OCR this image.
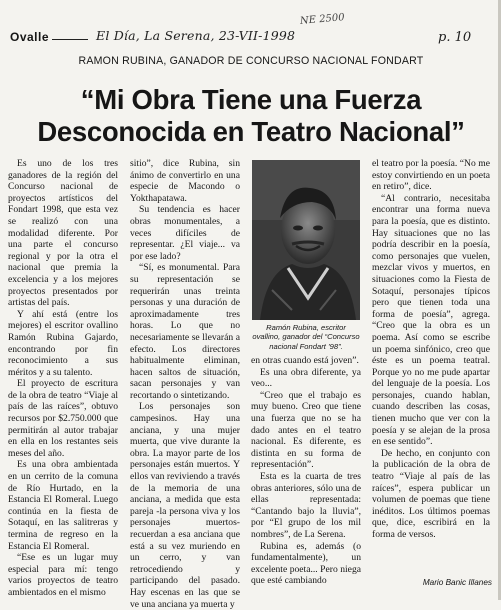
Ovalle	El Día, La Serena, 23-VII-1998	p. 10
NE 2500
RAMON RUBINA, GANADOR DE CONCURSO NACIONAL FONDART
“Mi Obra Tiene una Fuerza
Desconocida en Teatro Nacional”

Es uno de los tres ganadores de la región del Concurso nacional de proyectos artísticos del Fondart 1998, que esta vez se realizó con una modalidad diferente. Por una parte el concurso regional y por la otra el nacional que premia la excelencia y a los mejores proyectos presentados por artistas del país.

Y ahí está (entre los mejores) el escritor ovallino Ramón Rubina Gajardo, encontrando por fin reconocimiento a sus méritos y a su talento.

El proyecto de escritura de la obra de teatro “Viaje al país de las raíces”, obtuvo recursos por $2.750.000 que permitirán al autor trabajar en ella en los restantes seis meses del año.

Es una obra ambientada en un cerrito de la comuna de Río Hurtado, en la Estancia El Romeral. Luego continúa en la fiesta de Sotaquí, en las salitreras y termina de regreso en la Estancia El Romeral.

“Ese es un lugar muy especial para mí: tengo varios proyectos de teatro ambientados en el mismo

sitio”, dice Rubina, sin ánimo de convertirlo en una especie de Macondo o Yokthapatawa.

Su tendencia es hacer obras monumentales, a veces difíciles de representar. ¿El viaje... va por ese lado?

“Sí, es monumental. Para su representación se requerirán unas treinta personas y una duración de aproximadamente tres horas. Lo que no necesariamente se llevarán a efecto. Los directores habitualmente eliminan, hacen saltos de situación, sacan personajes y van recortando o sintetizando.

Los personajes son campesinos. Hay una anciana, y una mujer muerta, que vive durante la obra. La mayor parte de los personajes están muertos. Y ellos van reviviendo a través de la memoria de una anciana, a medida que esta pareja -la persona viva y los personajes muertos- recuerdan a esa anciana que está a su vez muriendo en un cerro, y van retrocediendo y participando del pasado. Hay escenas en las que se ve una anciana ya muerta y

Ramón Rubina, escritor ovallino, ganador del “Concurso nacional Fondart ’98”.

en otras cuando está joven”.

Es una obra diferente, ya veo...

“Creo que el trabajo es muy bueno. Creo que tiene una fuerza que no se ha dado antes en el teatro nacional. Es diferente, es distinta en su forma de representación”.

Esta es la cuarta de tres obras anteriores, sólo una de ellas representada: “Cantando bajo la lluvia”, por “El grupo de los mil nombres”, de La Serena.

Rubina es, además (o fundamentalmente), un excelente poeta... Pero niega que esté cambiando

el teatro por la poesía. “No me estoy convirtiendo en un poeta en retiro”, dice.

“Al contrario, necesitaba encontrar una forma nueva para la poesía, que es distinto. Hay situaciones que no las podría describir en la poesía, como personajes que vuelen, mezclar vivos y muertos, en situaciones como la Fiesta de Sotaquí, personajes típicos pero que tienen toda una forma de poesía”, agrega. “Creo que la obra es un poema. Así como se escribe un poema sinfónico, creo que éste es un poema teatral. Porque yo no me pude apartar del lenguaje de la poesía. Los personajes, cuando hablan, cuando describen las cosas, tienen mucho que ver con la poesía y se alejan de la prosa en ese sentido”.

De hecho, en conjunto con la publicación de la obra de teatro “Viaje al país de las raíces”, espera publicar un volumen de poemas que tiene inéditos. Los últimos poemas que, dice, escribirá en la forma de versos.

Mario Banic Illanes
